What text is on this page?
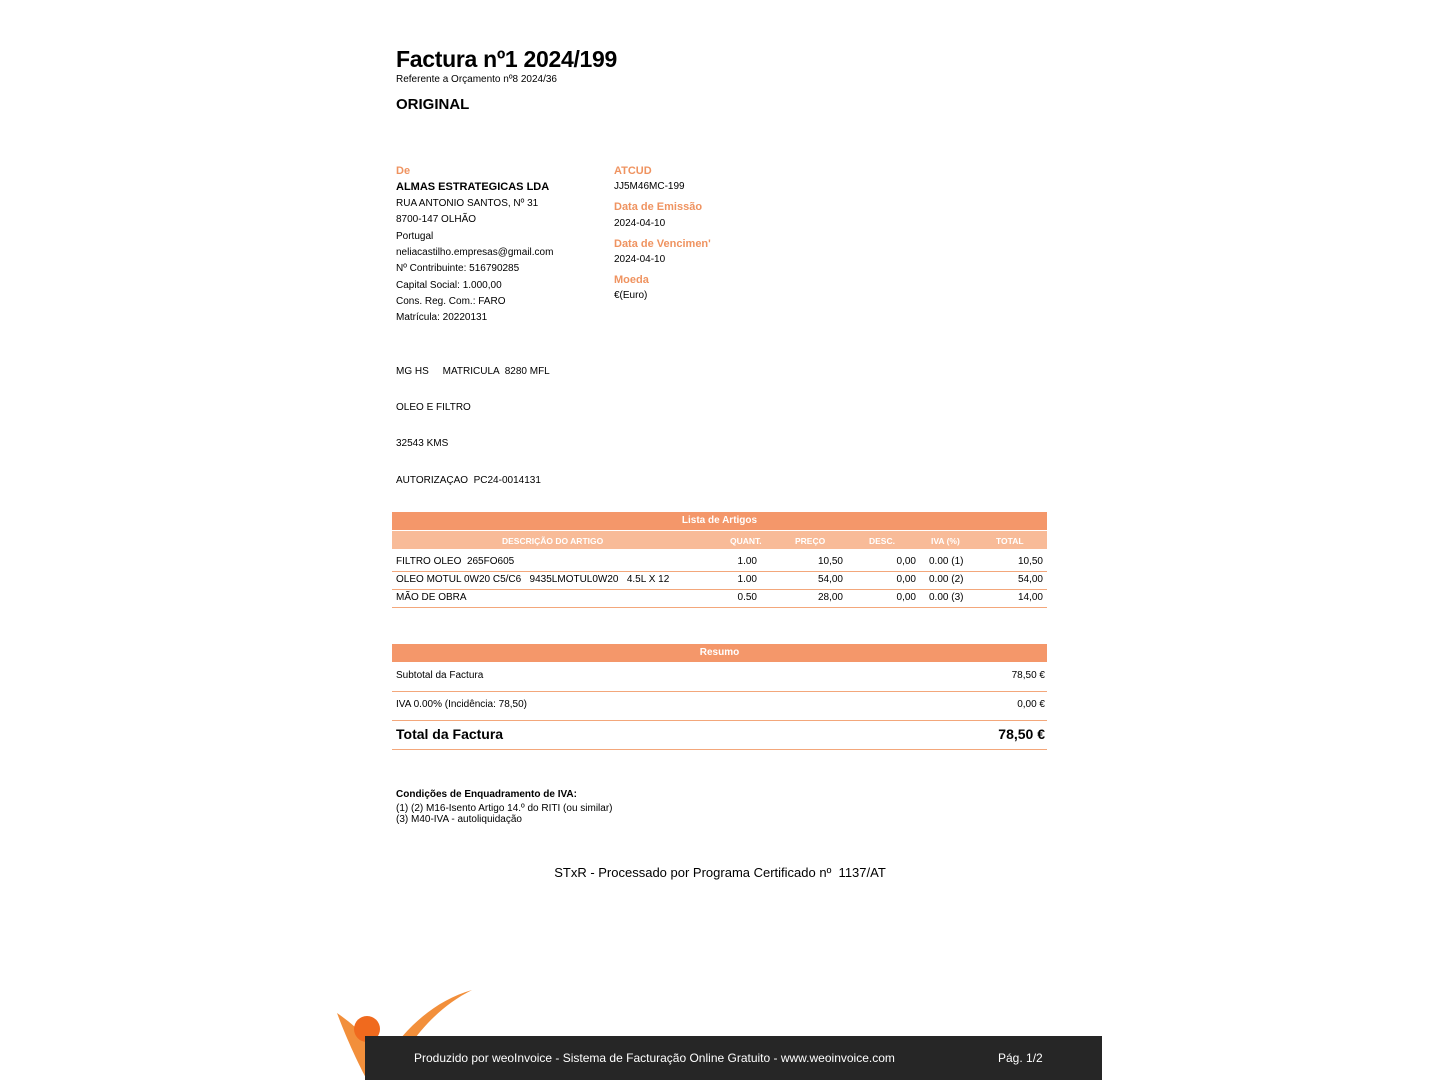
Factura nº1 2024/199
Referente a Orçamento nº8 2024/36
ORIGINAL
De
ALMAS ESTRATEGICAS LDA
RUA ANTONIO SANTOS, Nº 31
8700-147 OLHÃO
Portugal
neliacastilho.empresas@gmail.com
Nº Contribuinte: 516790285
Capital Social: 1.000,00
Cons. Reg. Com.: FARO
Matrícula: 20220131
ATCUD
JJ5M46MC-199
Data de Emissão
2024-04-10
Data de Vencimen'
2024-04-10
Moeda
€(Euro)
MG HS     MATRICULA  8280 MFL
OLEO E FILTRO
32543 KMS
AUTORIZAÇAO  PC24-0014131
Lista de Artigos
DESCRIÇÃO DO ARTIGO	QUANT.	PREÇO	DESC.	IVA (%)	TOTAL
FILTRO OLEO  265FO605	1.00	10,50	0,00 0.00 (1)	10,50
OLEO MOTUL 0W20 C5/C6   9435LMOTUL0W20   4.5L X 12	1.00	54,00	0,00 0.00 (2)	54,00
MÃO DE OBRA	0.50	28,00	0,00 0.00 (3)	14,00
Resumo
Subtotal da Factura	78,50 €
IVA 0.00% (Incidência: 78,50)	0,00 €
Total da Factura	78,50 €
Condições de Enquadramento de IVA:
(1) (2) M16-Isento Artigo 14.º do RITI (ou similar)
(3) M40-IVA - autoliquidação
STxR - Processado por Programa Certificado nº  1137/AT
Produzido por weoInvoice - Sistema de Facturação Online Gratuito - www.weoinvoice.com	Pág. 1/2
